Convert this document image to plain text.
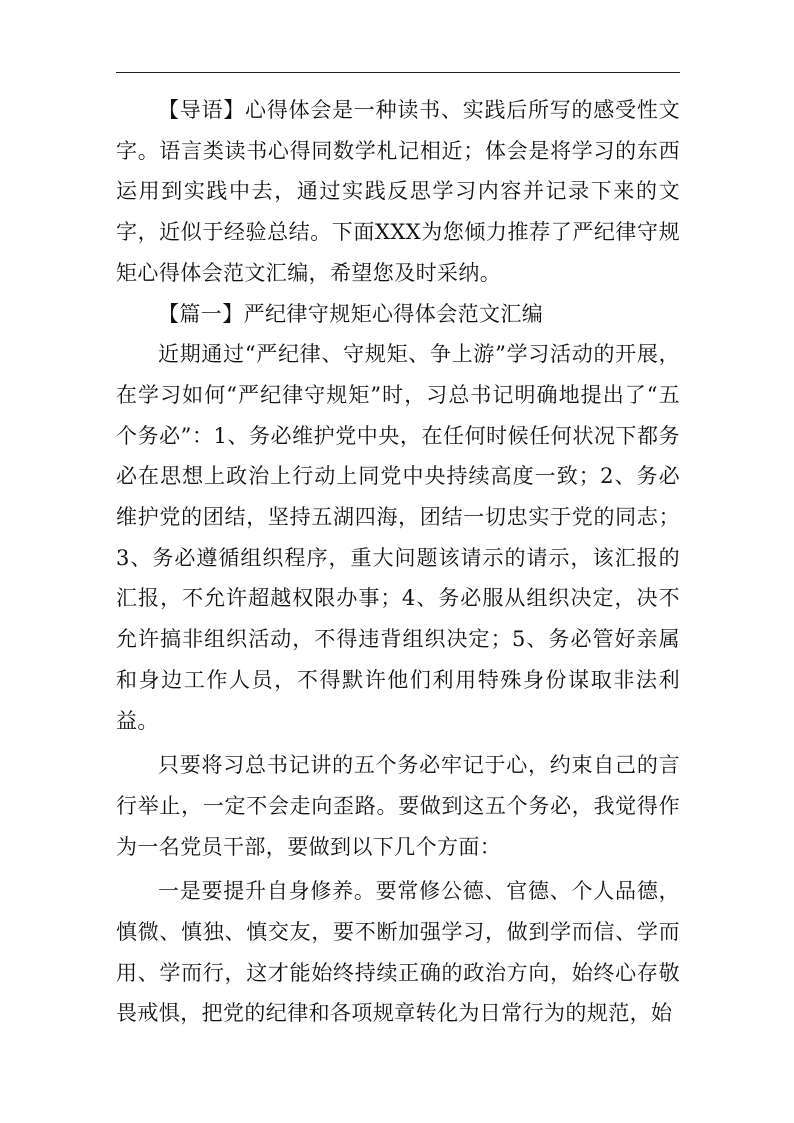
【导语】心得体会是一种读书、实践后所写的感受性文字。语言类读书心得同数学札记相近；体会是将学习的东西运用到实践中去，通过实践反思学习内容并记录下来的文字，近似于经验总结。下面XXX为您倾力推荐了严纪律守规矩心得体会范文汇编，希望您及时采纳。

【篇一】严纪律守规矩心得体会范文汇编

近期通过“严纪律、守规矩、争上游”学习活动的开展，在学习如何“严纪律守规矩”时，习总书记明确地提出了“五个务必”：1、务必维护党中央，在任何时候任何状况下都务必在思想上政治上行动上同党中央持续高度一致；2、务必维护党的团结，坚持五湖四海，团结一切忠实于党的同志； 3、务必遵循组织程序，重大问题该请示的请示，该汇报的汇报，不允许超越权限办事；4、务必服从组织决定，决不允许搞非组织活动，不得违背组织决定；5、务必管好亲属和身边工作人员，不得默许他们利用特殊身份谋取非法利益。

只要将习总书记讲的五个务必牢记于心，约束自己的言行举止，一定不会走向歪路。要做到这五个务必，我觉得作为一名党员干部，要做到以下几个方面：

一是要提升自身修养。要常修公德、官德、个人品德，慎微、慎独、慎交友，要不断加强学习，做到学而信、学而用、学而行，这才能始终持续正确的政治方向，始终心存敬畏戒惧，把党的纪律和各项规章转化为日常行为的规范，始
